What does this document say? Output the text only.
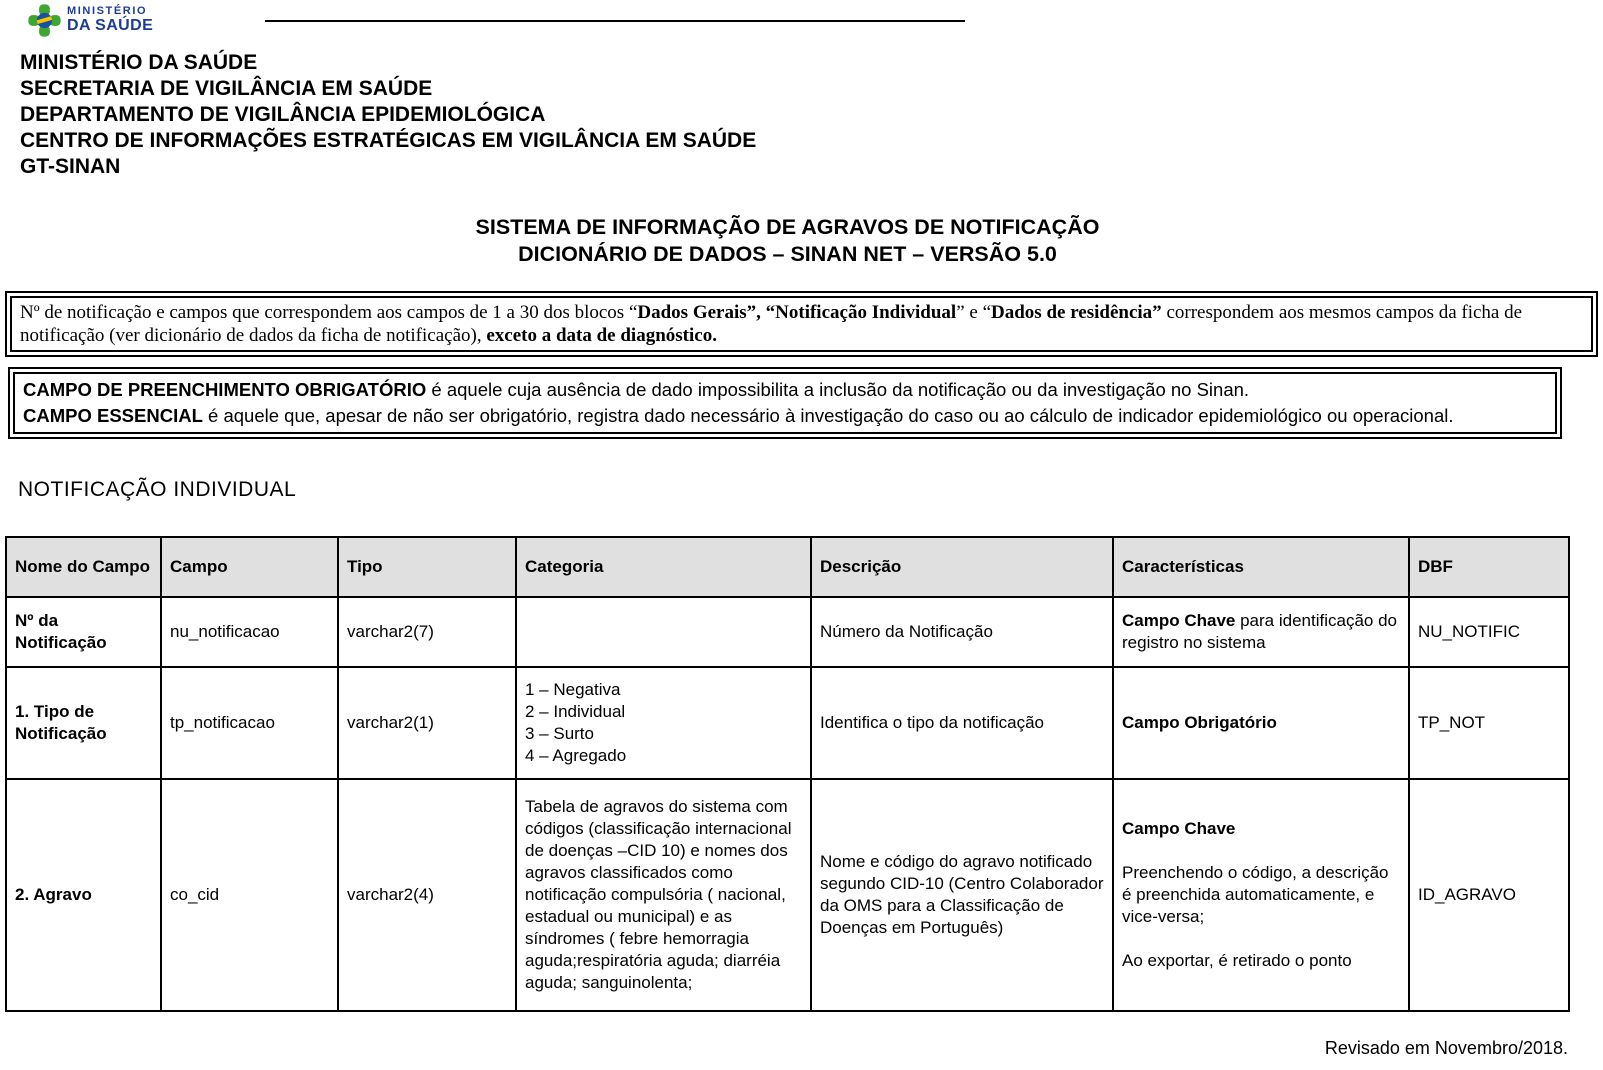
MINISTÉRIO
DA SAÚDE
MINISTÉRIO DA SAÚDE
SECRETARIA DE VIGILÂNCIA EM SAÚDE
DEPARTAMENTO DE VIGILÂNCIA EPIDEMIOLÓGICA
CENTRO DE INFORMAÇÕES ESTRATÉGICAS EM VIGILÂNCIA EM SAÚDE
GT-SINAN
SISTEMA DE INFORMAÇÃO DE AGRAVOS DE NOTIFICAÇÃO
DICIONÁRIO DE DADOS – SINAN NET – VERSÃO 5.0
Nº de notificação e campos que correspondem aos campos de 1 a 30 dos blocos “Dados Gerais”, “Notificação Individual” e “Dados de residência” correspondem aos mesmos campos da ficha de notificação (ver dicionário de dados da ficha de notificação), exceto a data de diagnóstico.
CAMPO DE PREENCHIMENTO OBRIGATÓRIO é aquele cuja ausência de dado impossibilita a inclusão da notificação ou da investigação no Sinan.
CAMPO ESSENCIAL é aquele que, apesar de não ser obrigatório, registra dado necessário à investigação do caso ou ao cálculo de indicador epidemiológico ou operacional.
NOTIFICAÇÃO INDIVIDUAL
Nome do Campo	Campo	Tipo	Categoria	Descrição	Características	DBF
Nº da Notificação	nu_notificacao	varchar2(7)		Número da Notificação	Campo Chave para identificação do registro no sistema	NU_NOTIFIC
1. Tipo de Notificação	tp_notificacao	varchar2(1)	1 – Negativa
2 – Individual
3 – Surto
4 – Agregado	Identifica o tipo da notificação	Campo Obrigatório	TP_NOT
2. Agravo	co_cid	varchar2(4)	Tabela de agravos do sistema com códigos (classificação internacional de doenças –CID 10) e nomes dos agravos classificados como notificação compulsória ( nacional, estadual ou municipal) e as síndromes ( febre hemorragia aguda;respiratória aguda; diarréia aguda; sanguinolenta;	Nome e código do agravo notificado segundo CID-10 (Centro Colaborador da OMS para a Classificação de Doenças em Português)	Campo Chave

Preenchendo o código, a descrição é preenchida automaticamente, e vice-versa;

Ao exportar, é retirado o ponto	ID_AGRAVO
Revisado em Novembro/2018.
